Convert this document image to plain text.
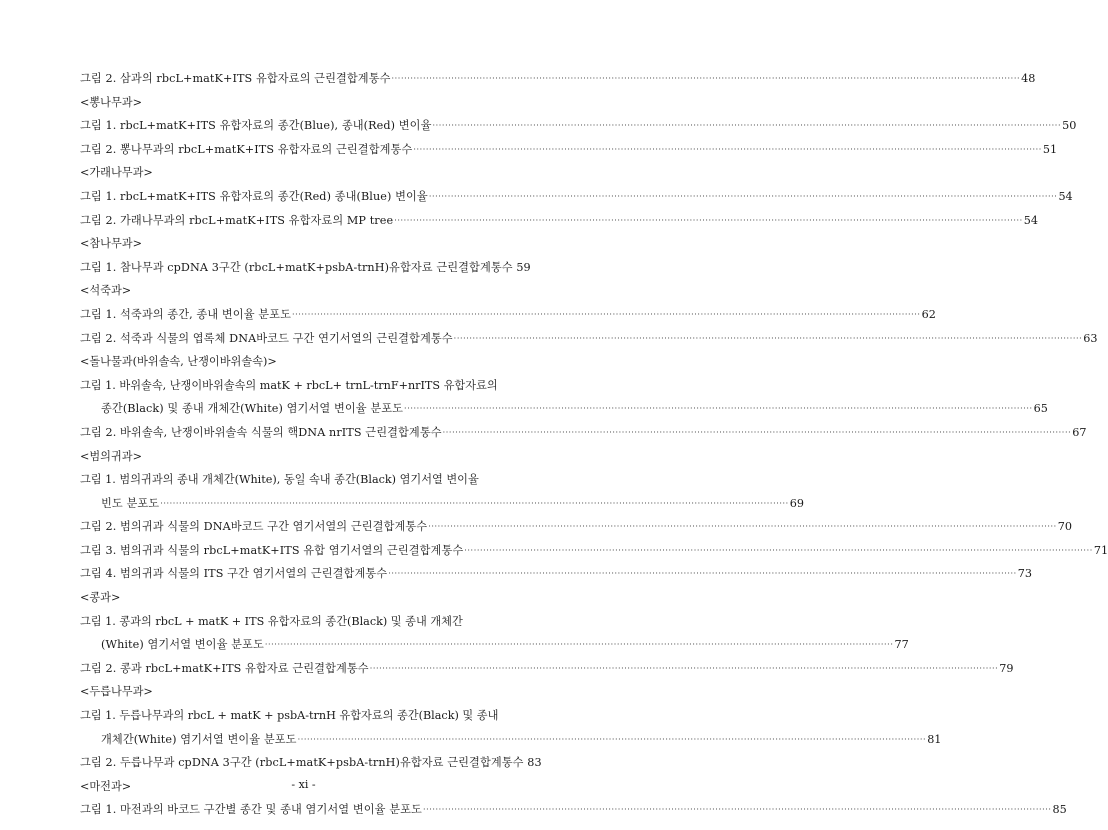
그림 2. 삼과의 rbcL+matK+ITS 유합자료의 근린결합계통수 ········································································································································································································ 48
<뽕나무과>
그림 1. rbcL+matK+ITS 유합자료의 종간(Blue), 종내(Red) 변이율 ········································································································································································································ 50
그림 2. 뽕나무과의 rbcL+matK+ITS 유합자료의 근린결합계통수 ········································································································································································································ 51
<가래나무과>
그림 1. rbcL+matK+ITS 유합자료의 종간(Red) 종내(Blue) 변이율 ········································································································································································································ 54
그림 2. 가래나무과의 rbcL+matK+ITS 유합자료의 MP tree ········································································································································································································ 54
<참나무과>
그림 1. 참나무과 cpDNA 3구간 (rbcL+matK+psbA-trnH)유합자료 근린결합계통수 59
<석죽과>
그림 1. 석죽과의 종간, 종내 변이율 분포도 ········································································································································································································ 62
그림 2. 석죽과 식물의 엽록체 DNA바코드 구간 연기서열의 근린결합계통수 ········································································································································································································ 63
<돌나물과(바위솔속, 난쟁이바위솔속)>
그림 1. 바위솔속, 난쟁이바위솔속의 matK + rbcL+ trnL-trnF+nrITS 유합자료의
종간(Black) 및 종내 개체간(White) 염기서열 변이율 분포도 ········································································································································································································ 65
그림 2. 바위솔속, 난쟁이바위솔속 식물의 핵DNA nrITS 근린결합계통수 ········································································································································································································ 67
<범의귀과>
그림 1. 범의귀과의 종내 개체간(White), 동일 속내 종간(Black) 염기서열 변이율
빈도 분포도 ········································································································································································································ 69
그림 2. 범의귀과 식물의 DNA바코드 구간 염기서열의 근린결합계통수 ········································································································································································································ 70
그림 3. 범의귀과 식물의 rbcL+matK+ITS 유합 염기서열의 근린결합계통수 ········································································································································································································ 71
그림 4. 범의귀과 식물의 ITS 구간 염기서열의 근린결합계통수 ········································································································································································································ 73
<콩과>
그림 1. 콩과의 rbcL + matK + ITS 유합자료의 종간(Black) 및 종내 개체간
(White) 염기서열 변이율 분포도 ········································································································································································································ 77
그림 2. 콩과 rbcL+matK+ITS 유합자료 근린결합계통수 ········································································································································································································ 79
<두릅나무과>
그림 1. 두릅나무과의 rbcL + matK + psbA-trnH 유합자료의 종간(Black) 및 종내
개체간(White) 염기서열 변이율 분포도 ········································································································································································································ 81
그림 2. 두릅나무과 cpDNA 3구간 (rbcL+matK+psbA-trnH)유합자료 근린결합계통수 83
<마전과>
그림 1. 마전과의 바코드 구간별 종간 및 종내 염기서열 변이율 분포도 ········································································································································································································ 85
- xi -
